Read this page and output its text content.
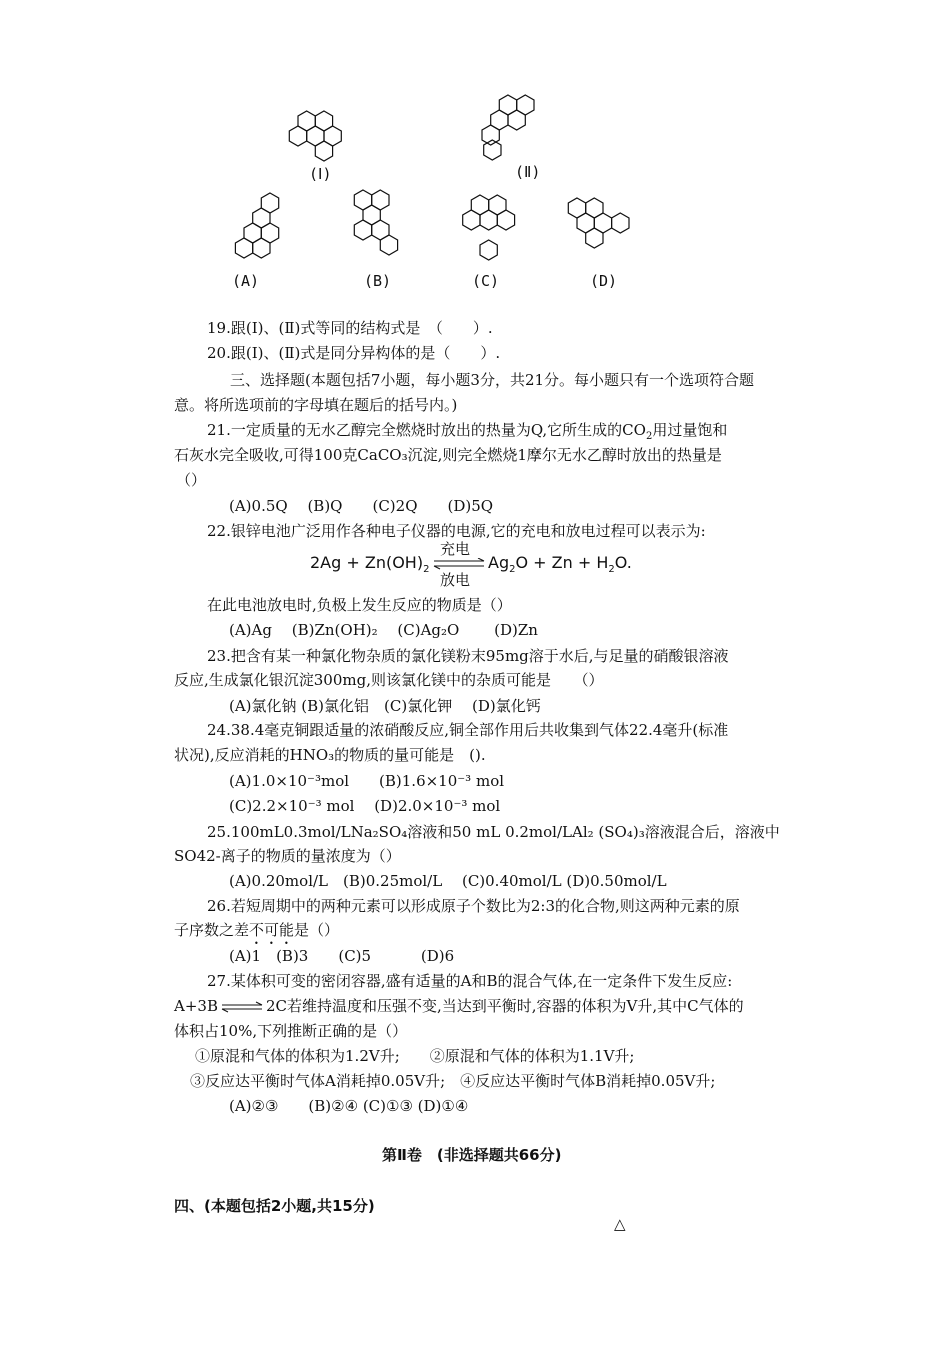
(Ⅰ)	(Ⅱ)
(A)	(B)	(C)	(D)
19.跟(Ⅰ)、(Ⅱ)式等同的结构式是　（　　）.
20.跟(Ⅰ)、(Ⅱ)式是同分异构体的是（　　）.
三、选择题(本题包括7小题，每小题3分，共21分。每小题只有一个选项符合题
意。将所选项前的字母填在题后的括号内。)
21.一定质量的无水乙醇完全燃烧时放出的热量为Q,它所生成的$CO_2$用过量饱和
石灰水完全吸收,可得100克CaCO₃沉淀,则完全燃烧1摩尔无水乙醇时放出的热量是
（）
(A)0.5Q　 (B)Q　　(C)2Q　　(D)5Q
22.银锌电池广泛用作各种电子仪器的电源,它的充电和放电过程可以表示为:
$2Ag + Zn(OH)_2$
充电
放电
$Ag_2O + Zn + H_2O$.
在此电池放电时,负极上发生反应的物质是（）
(A)Ag　 (B)Zn(OH)₂　 (C)Ag₂O　　 (D)Zn
23.把含有某一种氯化物杂质的氯化镁粉末95mg溶于水后,与足量的硝酸银溶液
反应,生成氯化银沉淀300mg,则该氯化镁中的杂质可能是　　（）
(A)氯化钠 (B)氯化铝　(C)氯化钾　 (D)氯化钙
24.38.4毫克铜跟适量的浓硝酸反应,铜全部作用后共收集到气体22.4毫升(标准
状况),反应消耗的HNO₃的物质的量可能是　().
(A)1.0×10⁻³mol　　(B)1.6×10⁻³ mol
(C)2.2×10⁻³ mol　 (D)2.0×10⁻³ mol
25.100mL0.3mol/LNa₂SO₄溶液和50 mL 0.2mol/LAl₂ (SO₄)₃溶液混合后，溶液中
SO42-离子的物质的量浓度为（）
(A)0.20mol/L　(B)0.25mol/L　 (C)0.40mol/L (D)0.50mol/L
26.若短周期中的两种元素可以形成原子个数比为2:3的化合物,则这两种元素的原
子序数之差不可能是（）
(A)1　(B)3　　(C)5　　　 (D)6
27.某体积可变的密闭容器,盛有适量的A和B的混合气体,在一定条件下发生反应:
A+3B ⇌ 2C若维持温度和压强不变,当达到平衡时,容器的体积为V升,其中C气体的
体积占10%,下列推断正确的是（）
①原混和气体的体积为1.2V升;　　②原混和气体的体积为1.1V升;
③反应达平衡时气体A消耗掉0.05V升;　④反应达平衡时气体B消耗掉0.05V升;
(A)②③　　(B)②④ (C)①③ (D)①④
第Ⅱ卷　(非选择题共66分)
四、(本题包括2小题,共15分)
△
